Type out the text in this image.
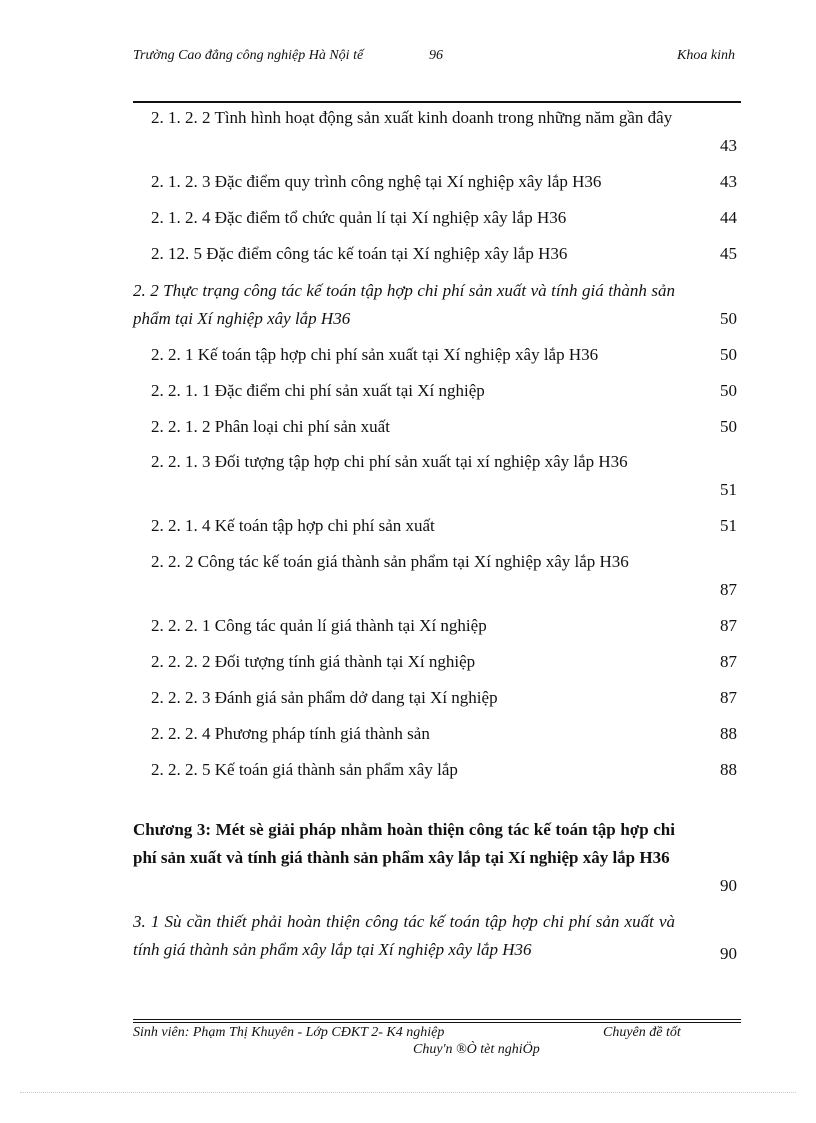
Trường Cao đẳng công nghiệp Hà Nội tế	96	Khoa kinh
2. 1. 2. 2 Tình hình hoạt động sản xuất kinh doanh trong những năm gần đây
43
2. 1. 2. 3 Đặc điểm quy trình công nghệ tại Xí nghiệp xây lắp H36	43
2. 1. 2. 4 Đặc điểm tổ chức quản lí tại Xí nghiệp xây lắp H36	44
2. 12. 5 Đặc điểm công tác kế toán tại Xí nghiệp xây lắp H36	45
2. 2 Thực trạng công tác kế toán tập hợp chi phí sản xuất và tính giá thành sản phẩm tại Xí nghiệp xây lắp H36	50
2. 2. 1 Kế toán tập hợp chi phí sản xuất tại Xí nghiệp xây lắp H36	50
2. 2. 1. 1 Đặc điểm chi phí sản xuất tại Xí nghiệp	50
2. 2. 1. 2 Phân loại chi phí sản xuất	50
2. 2. 1. 3 Đối tượng tập hợp chi phí sản xuất tại xí nghiệp xây lắp H36
51
2. 2. 1. 4 Kế toán tập hợp chi phí sản xuất	51
2. 2. 2 Công tác kế toán giá thành sản phẩm tại Xí nghiệp xây lắp H36
87
2. 2. 2. 1 Công tác quản lí giá thành tại Xí nghiệp	87
2. 2. 2. 2 Đối tượng tính giá thành tại Xí nghiệp	87
2. 2. 2. 3 Đánh giá sản phẩm dở dang tại Xí nghiệp	87
2. 2. 2. 4 Phương pháp tính giá thành sản	88
2. 2. 2. 5 Kế toán giá thành sản phẩm xây lắp	88
Chương 3: Mét sè giải pháp nhằm hoàn thiện công tác kế toán tập hợp chi phí sản xuất và tính giá thành sản phẩm xây lắp tại Xí nghiệp xây lắp H36
90
3. 1 Sù cần thiết phải hoàn thiện công tác kế toán tập hợp chi phí sản xuất và tính giá thành sản phẩm xây lắp tại Xí nghiệp xây lắp H36	90
Sinh viên: Phạm Thị Khuyên - Lớp CĐKT 2- K4 nghiệp	Chuyên đề tốt
Chuy'n ®Ò tèt nghiÖp
